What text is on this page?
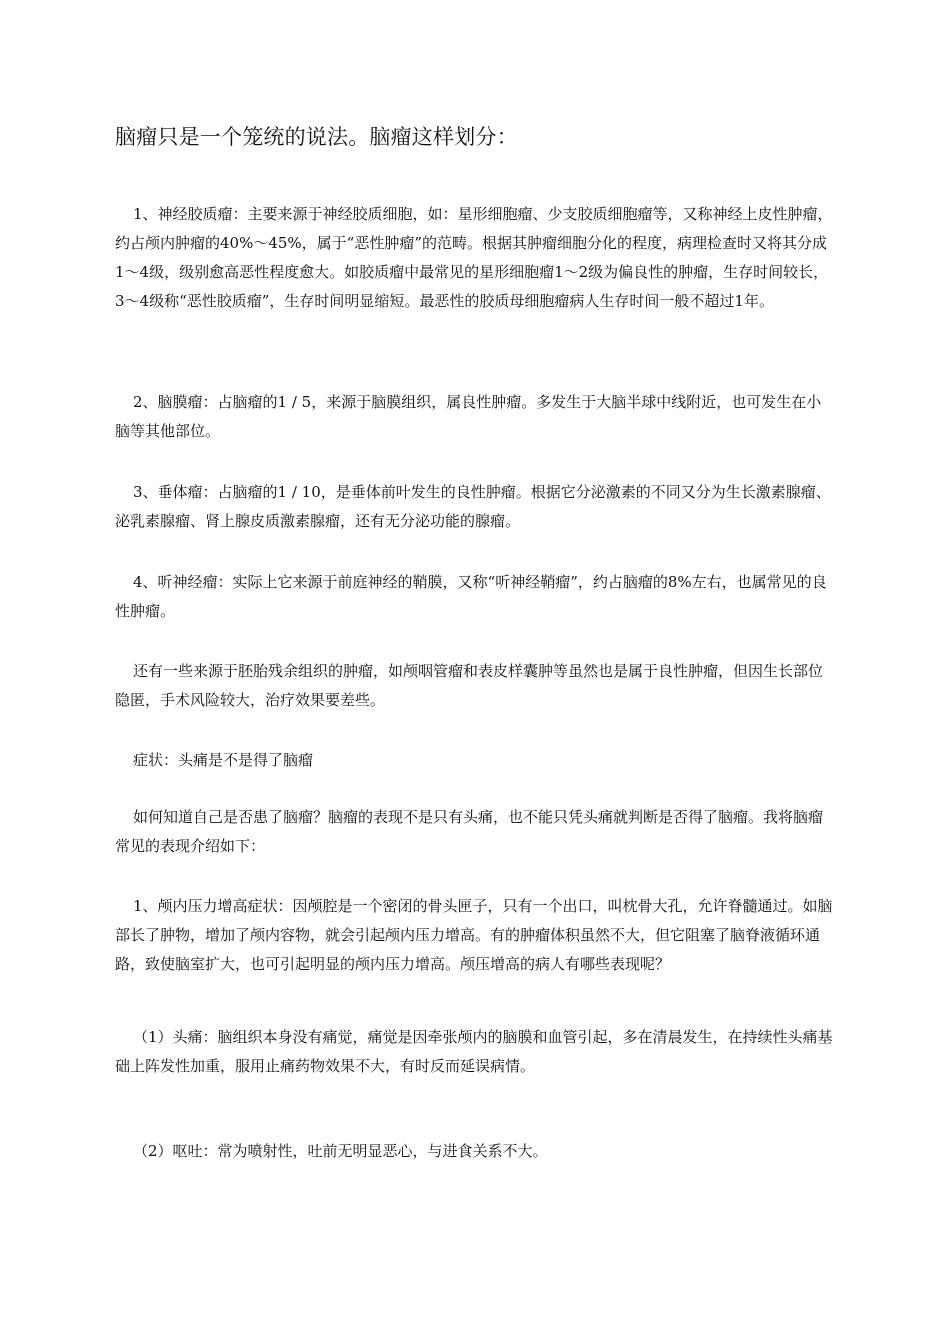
脑瘤只是一个笼统的说法。脑瘤这样划分：
1、神经胶质瘤：主要来源于神经胶质细胞，如：星形细胞瘤、少支胶质细胞瘤等，又称神经上皮性肿瘤，约占颅内肿瘤的40%～45%，属于“恶性肿瘤”的范畴。根据其肿瘤细胞分化的程度，病理检查时又将其分成1～4级，级别愈高恶性程度愈大。如胶质瘤中最常见的星形细胞瘤1～2级为偏良性的肿瘤，生存时间较长，3～4级称“恶性胶质瘤”，生存时间明显缩短。最恶性的胶质母细胞瘤病人生存时间一般不超过1年。
2、脑膜瘤：占脑瘤的1 / 5，来源于脑膜组织，属良性肿瘤。多发生于大脑半球中线附近，也可发生在小脑等其他部位。
3、垂体瘤：占脑瘤的1 / 10，是垂体前叶发生的良性肿瘤。根据它分泌激素的不同又分为生长激素腺瘤、泌乳素腺瘤、肾上腺皮质激素腺瘤，还有无分泌功能的腺瘤。
4、听神经瘤：实际上它来源于前庭神经的鞘膜，又称“听神经鞘瘤”，约占脑瘤的8%左右，也属常见的良性肿瘤。
还有一些来源于胚胎残余组织的肿瘤，如颅咽管瘤和表皮样囊肿等虽然也是属于良性肿瘤，但因生长部位隐匿，手术风险较大，治疗效果要差些。
症状：头痛是不是得了脑瘤
如何知道自己是否患了脑瘤？脑瘤的表现不是只有头痛，也不能只凭头痛就判断是否得了脑瘤。我将脑瘤常见的表现介绍如下：
1、颅内压力增高症状：因颅腔是一个密闭的骨头匣子，只有一个出口，叫枕骨大孔，允许脊髓通过。如脑部长了肿物，增加了颅内容物，就会引起颅内压力增高。有的肿瘤体积虽然不大，但它阻塞了脑脊液循环通路，致使脑室扩大，也可引起明显的颅内压力增高。颅压增高的病人有哪些表现呢？
（1）头痛：脑组织本身没有痛觉，痛觉是因牵张颅内的脑膜和血管引起，多在清晨发生，在持续性头痛基础上阵发性加重，服用止痛药物效果不大，有时反而延误病情。
（2）呕吐：常为喷射性，吐前无明显恶心，与进食关系不大。
